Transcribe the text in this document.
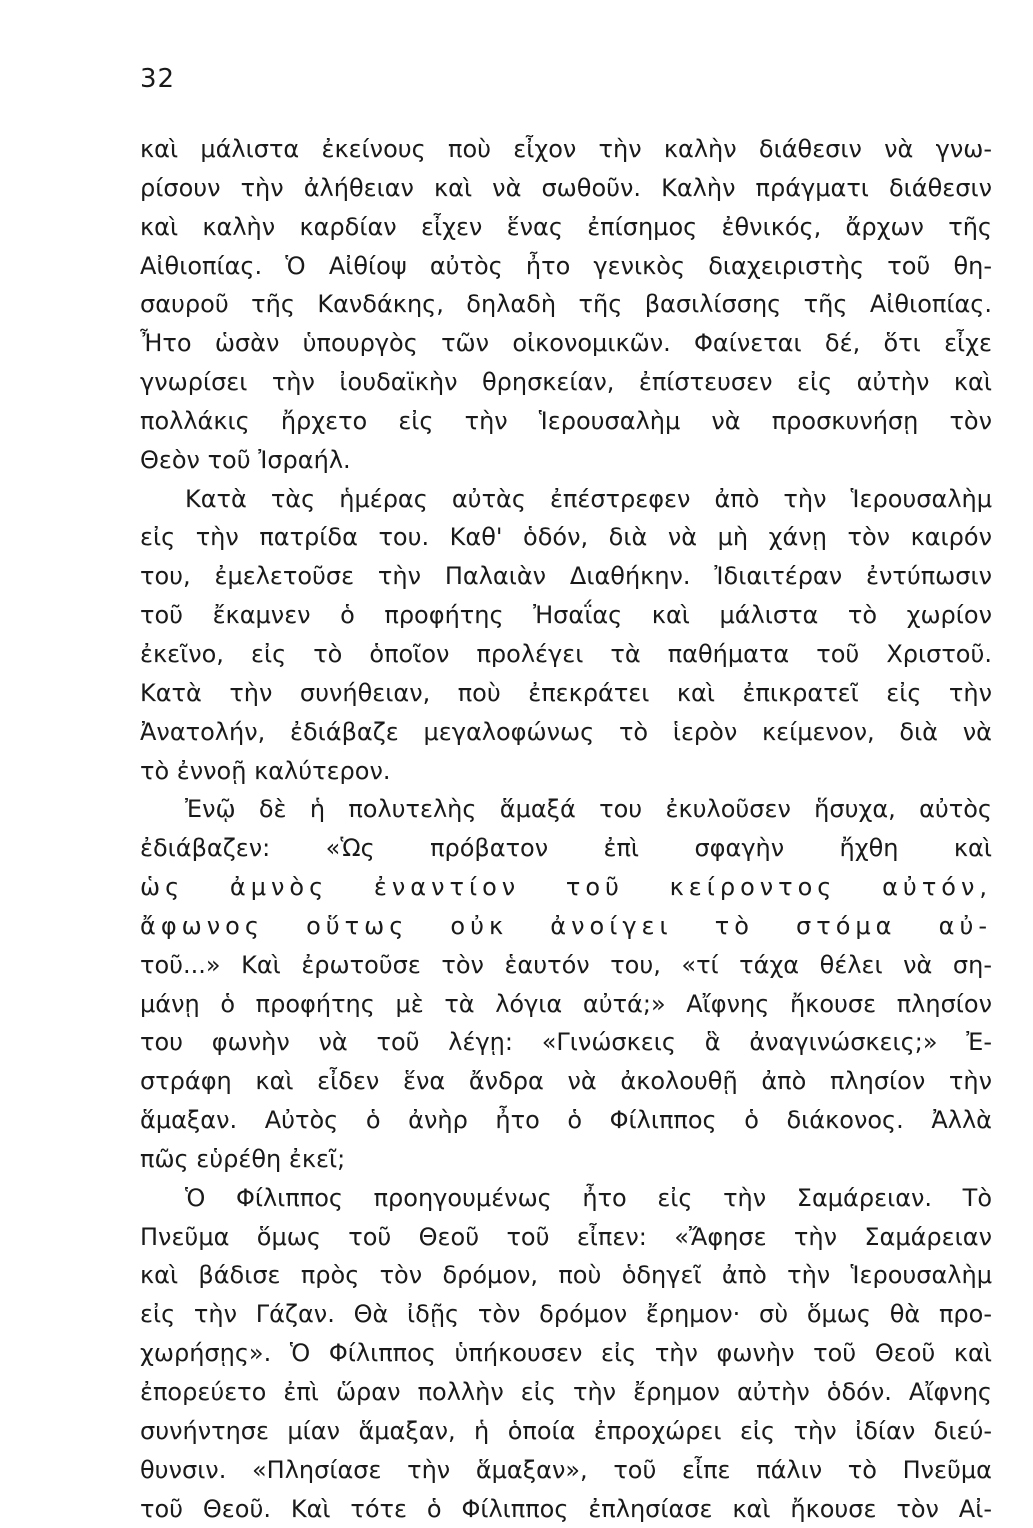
32
καὶ μάλιστα ἐκείνους ποὺ εἶχον τὴν καλὴν διάθεσιν νὰ γνω-
ρίσουν τὴν ἀλήθειαν καὶ νὰ σωθοῦν. Καλὴν πράγματι διάθεσιν
καὶ καλὴν καρδίαν εἶχεν ἕνας ἐπίσημος ἐθνικός, ἄρχων τῆς
Αἰθιοπίας. Ὁ Αἰθίοψ αὐτὸς ἦτο γενικὸς διαχειριστὴς τοῦ θη-
σαυροῦ τῆς Κανδάκης, δηλαδὴ τῆς βασιλίσσης τῆς Αἰθιοπίας.
Ἦτο ὡσὰν ὑπουργὸς τῶν οἰκονομικῶν. Φαίνεται δέ, ὅτι εἶχε
γνωρίσει τὴν ἰουδαϊκὴν θρησκείαν, ἐπίστευσεν εἰς αὐτὴν καὶ
πολλάκις ἤρχετο εἰς τὴν Ἱερουσαλὴμ νὰ προσκυνήσῃ τὸν
Θεὸν τοῦ Ἰσραήλ.
Κατὰ τὰς ἡμέρας αὐτὰς ἐπέστρεφεν ἀπὸ τὴν Ἱερουσαλὴμ
εἰς τὴν πατρίδα του. Καθ' ὁδόν, διὰ νὰ μὴ χάνῃ τὸν καιρόν
του, ἐμελετοῦσε τὴν Παλαιὰν Διαθήκην. Ἰδιαιτέραν ἐντύπωσιν
τοῦ ἔκαμνεν ὁ προφήτης Ἠσαΐας καὶ μάλιστα τὸ χωρίον
ἐκεῖνο, εἰς τὸ ὁποῖον προλέγει τὰ παθήματα τοῦ Χριστοῦ.
Κατὰ τὴν συνήθειαν, ποὺ ἐπεκράτει καὶ ἐπικρατεῖ εἰς τὴν
Ἀνατολήν, ἐδιάβαζε μεγαλοφώνως τὸ ἱερὸν κείμενον, διὰ νὰ
τὸ ἐννοῇ καλύτερον.
Ἐνῷ δὲ ἡ πολυτελὴς ἅμαξά του ἐκυλοῦσεν ἥσυχα, αὐτὸς
ἐδιάβαζεν: «Ὡς πρόβατον ἐπὶ σφαγὴν ἤχθη καὶ
ὡς ἀμνὸς ἐναντίον τοῦ κείροντος αὐτόν,
ἄφωνος οὕτως οὐκ ἀνοίγει τὸ στόμα αὐ-
τοῦ...» Καὶ ἐρωτοῦσε τὸν ἑαυτόν του, «τί τάχα θέλει νὰ ση-
μάνῃ ὁ προφήτης μὲ τὰ λόγια αὐτά;» Αἴφνης ἤκουσε πλησίον
του φωνὴν νὰ τοῦ λέγῃ: «Γινώσκεις ἃ ἀναγινώσκεις;» Ἐ-
στράφη καὶ εἶδεν ἕνα ἄνδρα νὰ ἀκολουθῇ ἀπὸ πλησίον τὴν
ἅμαξαν. Αὐτὸς ὁ ἀνὴρ ἦτο ὁ Φίλιππος ὁ διάκονος. Ἀλλὰ
πῶς εὑρέθη ἐκεῖ;
Ὁ Φίλιππος προηγουμένως ἦτο εἰς τὴν Σαμάρειαν. Τὸ
Πνεῦμα ὅμως τοῦ Θεοῦ τοῦ εἶπεν: «Ἄφησε τὴν Σαμάρειαν
καὶ βάδισε πρὸς τὸν δρόμον, ποὺ ὁδηγεῖ ἀπὸ τὴν Ἱερουσαλὴμ
εἰς τὴν Γάζαν. Θὰ ἰδῇς τὸν δρόμον ἔρημον· σὺ ὅμως θὰ προ-
χωρήσῃς». Ὁ Φίλιππος ὑπήκουσεν εἰς τὴν φωνὴν τοῦ Θεοῦ καὶ
ἐπορεύετο ἐπὶ ὥραν πολλὴν εἰς τὴν ἔρημον αὐτὴν ὁδόν. Αἴφνης
συνήντησε μίαν ἅμαξαν, ἡ ὁποία ἐπροχώρει εἰς τὴν ἰδίαν διεύ-
θυνσιν. «Πλησίασε τὴν ἅμαξαν», τοῦ εἶπε πάλιν τὸ Πνεῦμα
τοῦ Θεοῦ. Καὶ τότε ὁ Φίλιππος ἐπλησίασε καὶ ἤκουσε τὸν Αἰ-
